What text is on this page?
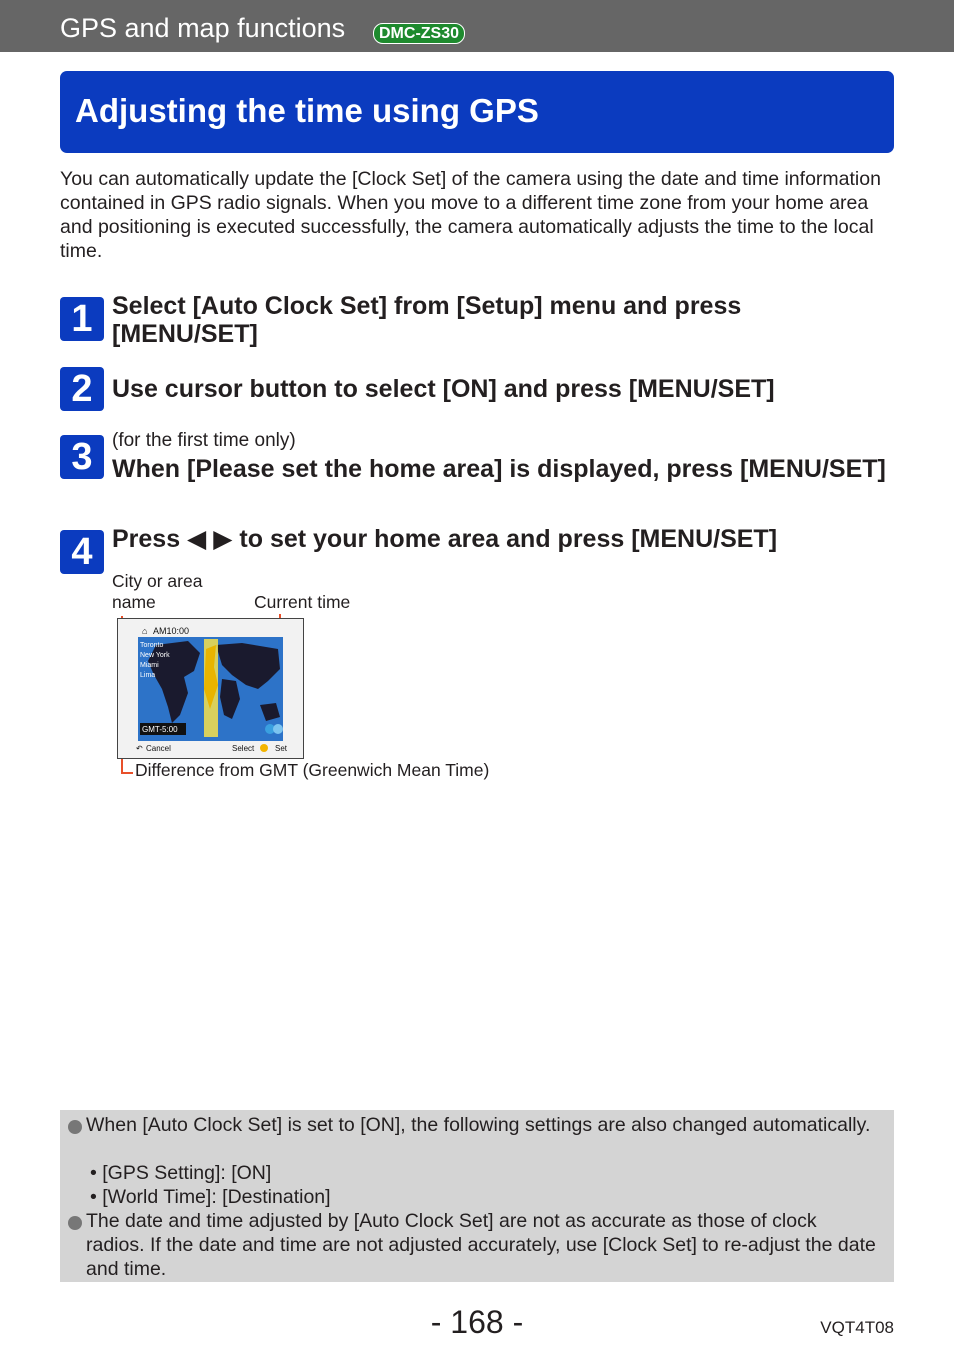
GPS and map functions	DMC-ZS30
Adjusting the time using GPS
You can automatically update the [Clock Set] of the camera using the date and time information contained in GPS radio signals. When you move to a different time zone from your home area and positioning is executed successfully, the camera automatically adjusts the time to the local time.
1 Select [Auto Clock Set] from [Setup] menu and press [MENU/SET]
2 Use cursor button to select [ON] and press [MENU/SET]
3	(for the first time only)
When [Please set the home area] is displayed, press [MENU/SET]
4 Press ◀ ▶ to set your home area and press [MENU/SET]
City or area
name	Current time
⌂ AM10:00
Toronto
New York
Miami
Lima
GMT-5:00
↶ Cancel	Select	Set
Difference from GMT (Greenwich Mean Time)
When [Auto Clock Set] is set to [ON], the following settings are also changed automatically.
• [GPS Setting]: [ON]
• [World Time]: [Destination]
The date and time adjusted by [Auto Clock Set] are not as accurate as those of clock radios. If the date and time are not adjusted accurately, use [Clock Set] to re-adjust the date and time.
- 168 -	VQT4T08
